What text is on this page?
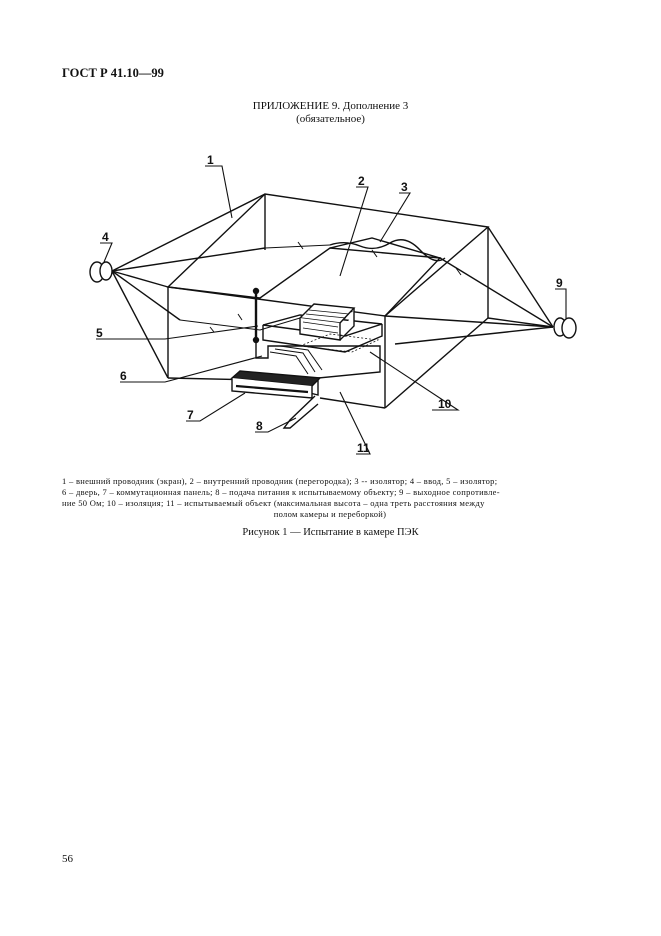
ГОСТ Р 41.10—99
ПРИЛОЖЕНИЕ 9. Дополнение 3
(обязательное)
1
2	3
4
5
6
7
8
9
10
11
1 – внешний проводник (экран), 2 – внутренний проводник (перегородка); 3 -- изолятор; 4 – ввод, 5 – изолятор;
6 – дверь, 7 – коммутационная панель; 8 – подача питания к испытываемому объекту; 9 – выходное сопротивле-
ние 50 Ом; 10 – изоляция; 11 – испытываемый объект (максимальная высота – одна треть расстояния между
полом камеры и переборкой)
Рисунок 1 — Испытание в камере ПЭК
56
